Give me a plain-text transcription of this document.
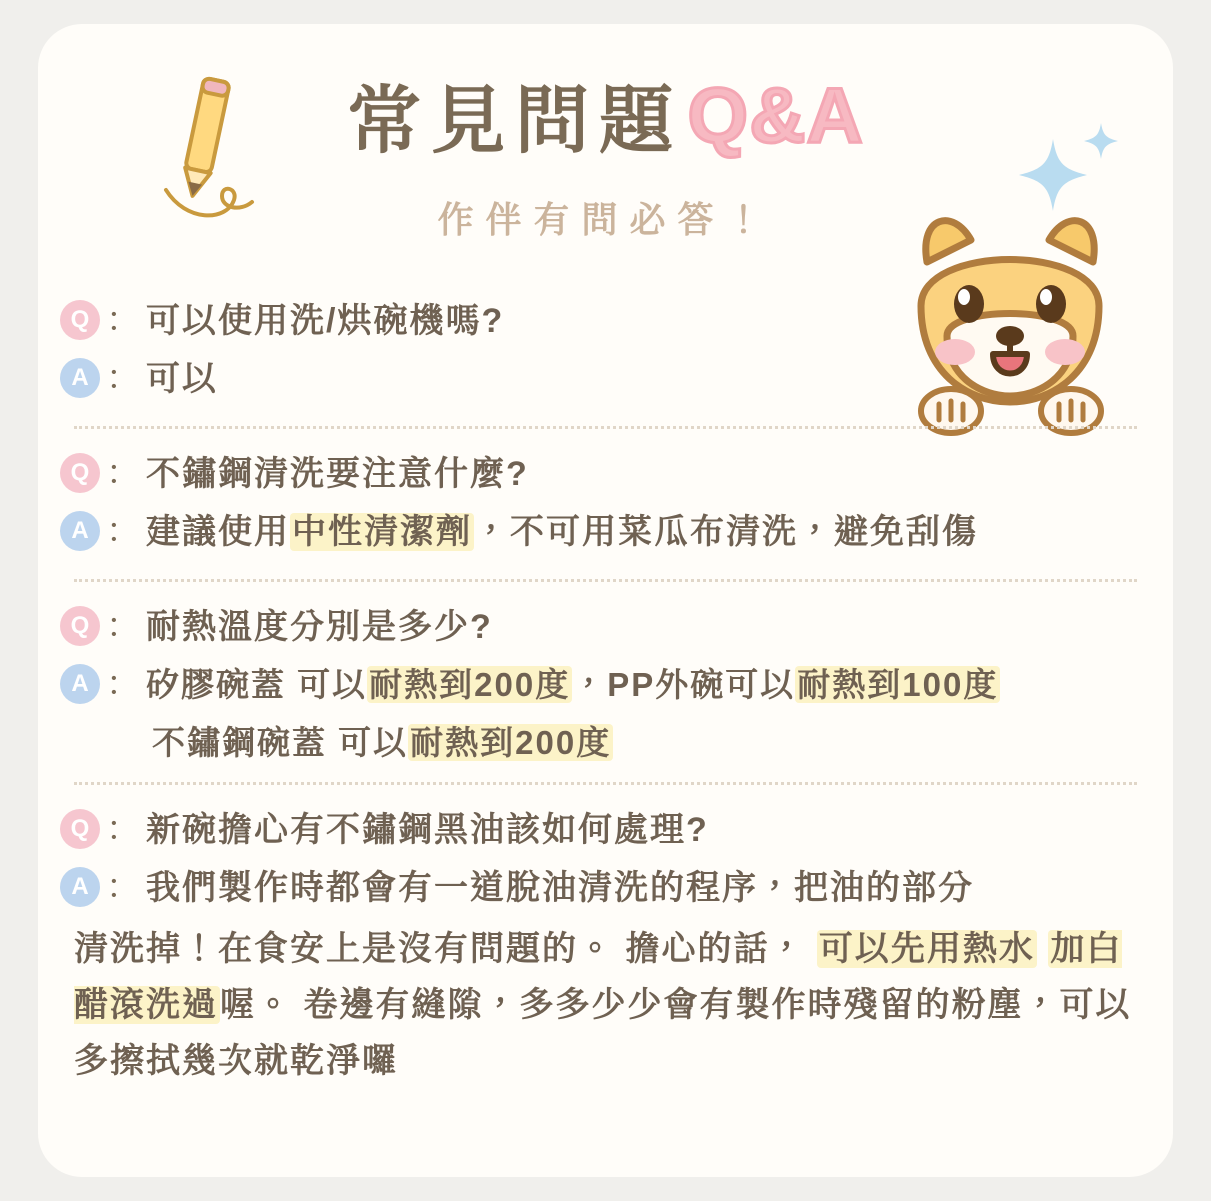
常見問題 Q&A
作伴有問必答！
Q ： 可以使用洗/烘碗機嗎?
A ： 可以
Q ： 不鏽鋼清洗要注意什麼?
A ： 建議使用中性清潔劑，不可用菜瓜布清洗，避免刮傷
Q ： 耐熱溫度分別是多少?
A ： 矽膠碗蓋 可以耐熱到200度，PP外碗可以耐熱到100度
不鏽鋼碗蓋 可以耐熱到200度
Q ： 新碗擔心有不鏽鋼黑油該如何處理?
A ： 我們製作時都會有一道脫油清洗的程序，把油的部分
清洗掉！在食安上是沒有問題的。 擔心的話， 可以先用熱水 加白醋滾洗過喔。 卷邊有縫隙，多多少少會有製作時殘留的粉塵，可以多擦拭幾次就乾淨囉
